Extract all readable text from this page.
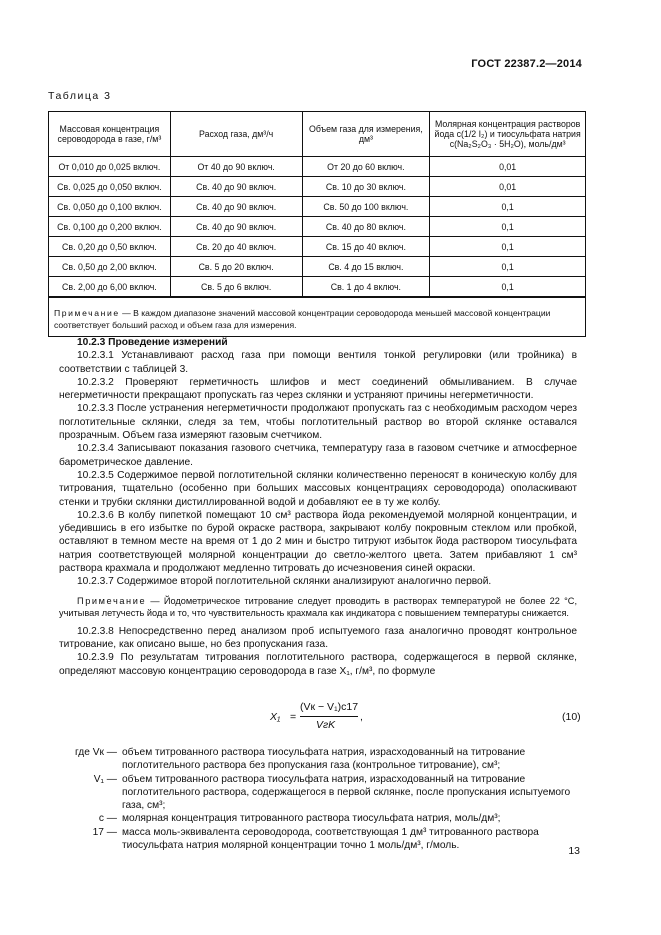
ГОСТ 22387.2—2014
Таблица 3
Массовая концентрация сероводорода в газе, г/м³	Расход газа, дм³/ч	Объем газа для измерения, дм³	Молярная концентрация растворов йода c(1/2 I₂) и тиосульфата натрия c(Na₂S₂O₃ · 5H₂O), моль/дм³
От 0,010 до 0,025 включ.	От 40 до 90 включ.	От 20 до 60 включ.	0,01
Св. 0,025 до 0,050 включ.	Св. 40 до 90 включ.	Св. 10 до 30 включ.	0,01
Св. 0,050 до 0,100 включ.	Св. 40 до 90 включ.	Св. 50 до 100 включ.	0,1
Св. 0,100 до 0,200 включ.	Св. 40 до 90 включ.	Св. 40 до 80 включ.	0,1
Св. 0,20 до 0,50 включ.	Св. 20 до 40 включ.	Св. 15 до 40 включ.	0,1
Св. 0,50 до 2,00 включ.	Св. 5 до 20 включ.	Св. 4 до 15 включ.	0,1
Св. 2,00 до 6,00 включ.	Св. 5 до 6 включ.	Св. 1 до 4 включ.	0,1

Примечание — В каждом диапазоне значений массовой концентрации сероводорода меньшей массовой концентрации соответствует больший расход и объем газа для измерения.			

10.2.3 Проведение измерений

10.2.3.1 Устанавливают расход газа при помощи вентиля тонкой регулировки (или тройника) в соответствии с таблицей 3.

10.2.3.2 Проверяют герметичность шлифов и мест соединений обмыливанием. В случае негерметичности прекращают пропускать газ через склянки и устраняют причины негерметичности.

10.2.3.3 После устранения негерметичности продолжают пропускать газ с необходимым расходом через поглотительные склянки, следя за тем, чтобы поглотительный раствор во второй склянке оставался прозрачным. Объем газа измеряют газовым счетчиком.

10.2.3.4 Записывают показания газового счетчика, температуру газа в газовом счетчике и атмосферное барометрическое давление.

10.2.3.5 Содержимое первой поглотительной склянки количественно переносят в коническую колбу для титрования, тщательно (особенно при больших массовых концентрациях сероводорода) ополаскивают стенки и трубки склянки дистиллированной водой и добавляют ее в ту же колбу.

10.2.3.6 В колбу пипеткой помещают 10 см³ раствора йода рекомендуемой молярной концентрации, и убедившись в его избытке по бурой окраске раствора, закрывают колбу покровным стеклом или пробкой, оставляют в темном месте на время от 1 до 2 мин и быстро титруют избыток йода раствором тиосульфата натрия соответствующей молярной концентрации до светло-желтого цвета. Затем прибавляют 1 см³ раствора крахмала и продолжают медленно титровать до исчезновения синей окраски.

10.2.3.7 Содержимое второй поглотительной склянки анализируют аналогично первой.

Примечание — Йодометрическое титрование следует проводить в растворах температурой не более 22 °С, учитывая летучесть йода и то, что чувствительность крахмала как индикатора с повышением температуры снижается.

10.2.3.8 Непосредственно перед анализом проб испытуемого газа аналогично проводят контрольное титрование, как описано выше, но без пропускания газа.

10.2.3.9 По результатам титрования поглотительного раствора, содержащегося в первой склянке, определяют массовую концентрацию сероводорода в газе X₁, г/м³, по формуле

X₁ =
(Vк − V₁)c17
VгK
,	(10)
где Vк — объем титрованного раствора тиосульфата натрия, израсходованный на титрование поглотительного раствора без пропускания газа (контрольное титрование), см³;

V₁ — объем титрованного раствора тиосульфата натрия, израсходованный на титрование поглотительного раствора, содержащегося в первой склянке, после пропускания испытуемого газа, см³;

c — молярная концентрация титрованного раствора тиосульфата натрия, моль/дм³;

17 — масса моль-эквивалента сероводорода, соответствующая 1 дм³ титрованного раствора тиосульфата натрия молярной концентрации точно 1 моль/дм³, г/моль.	13
